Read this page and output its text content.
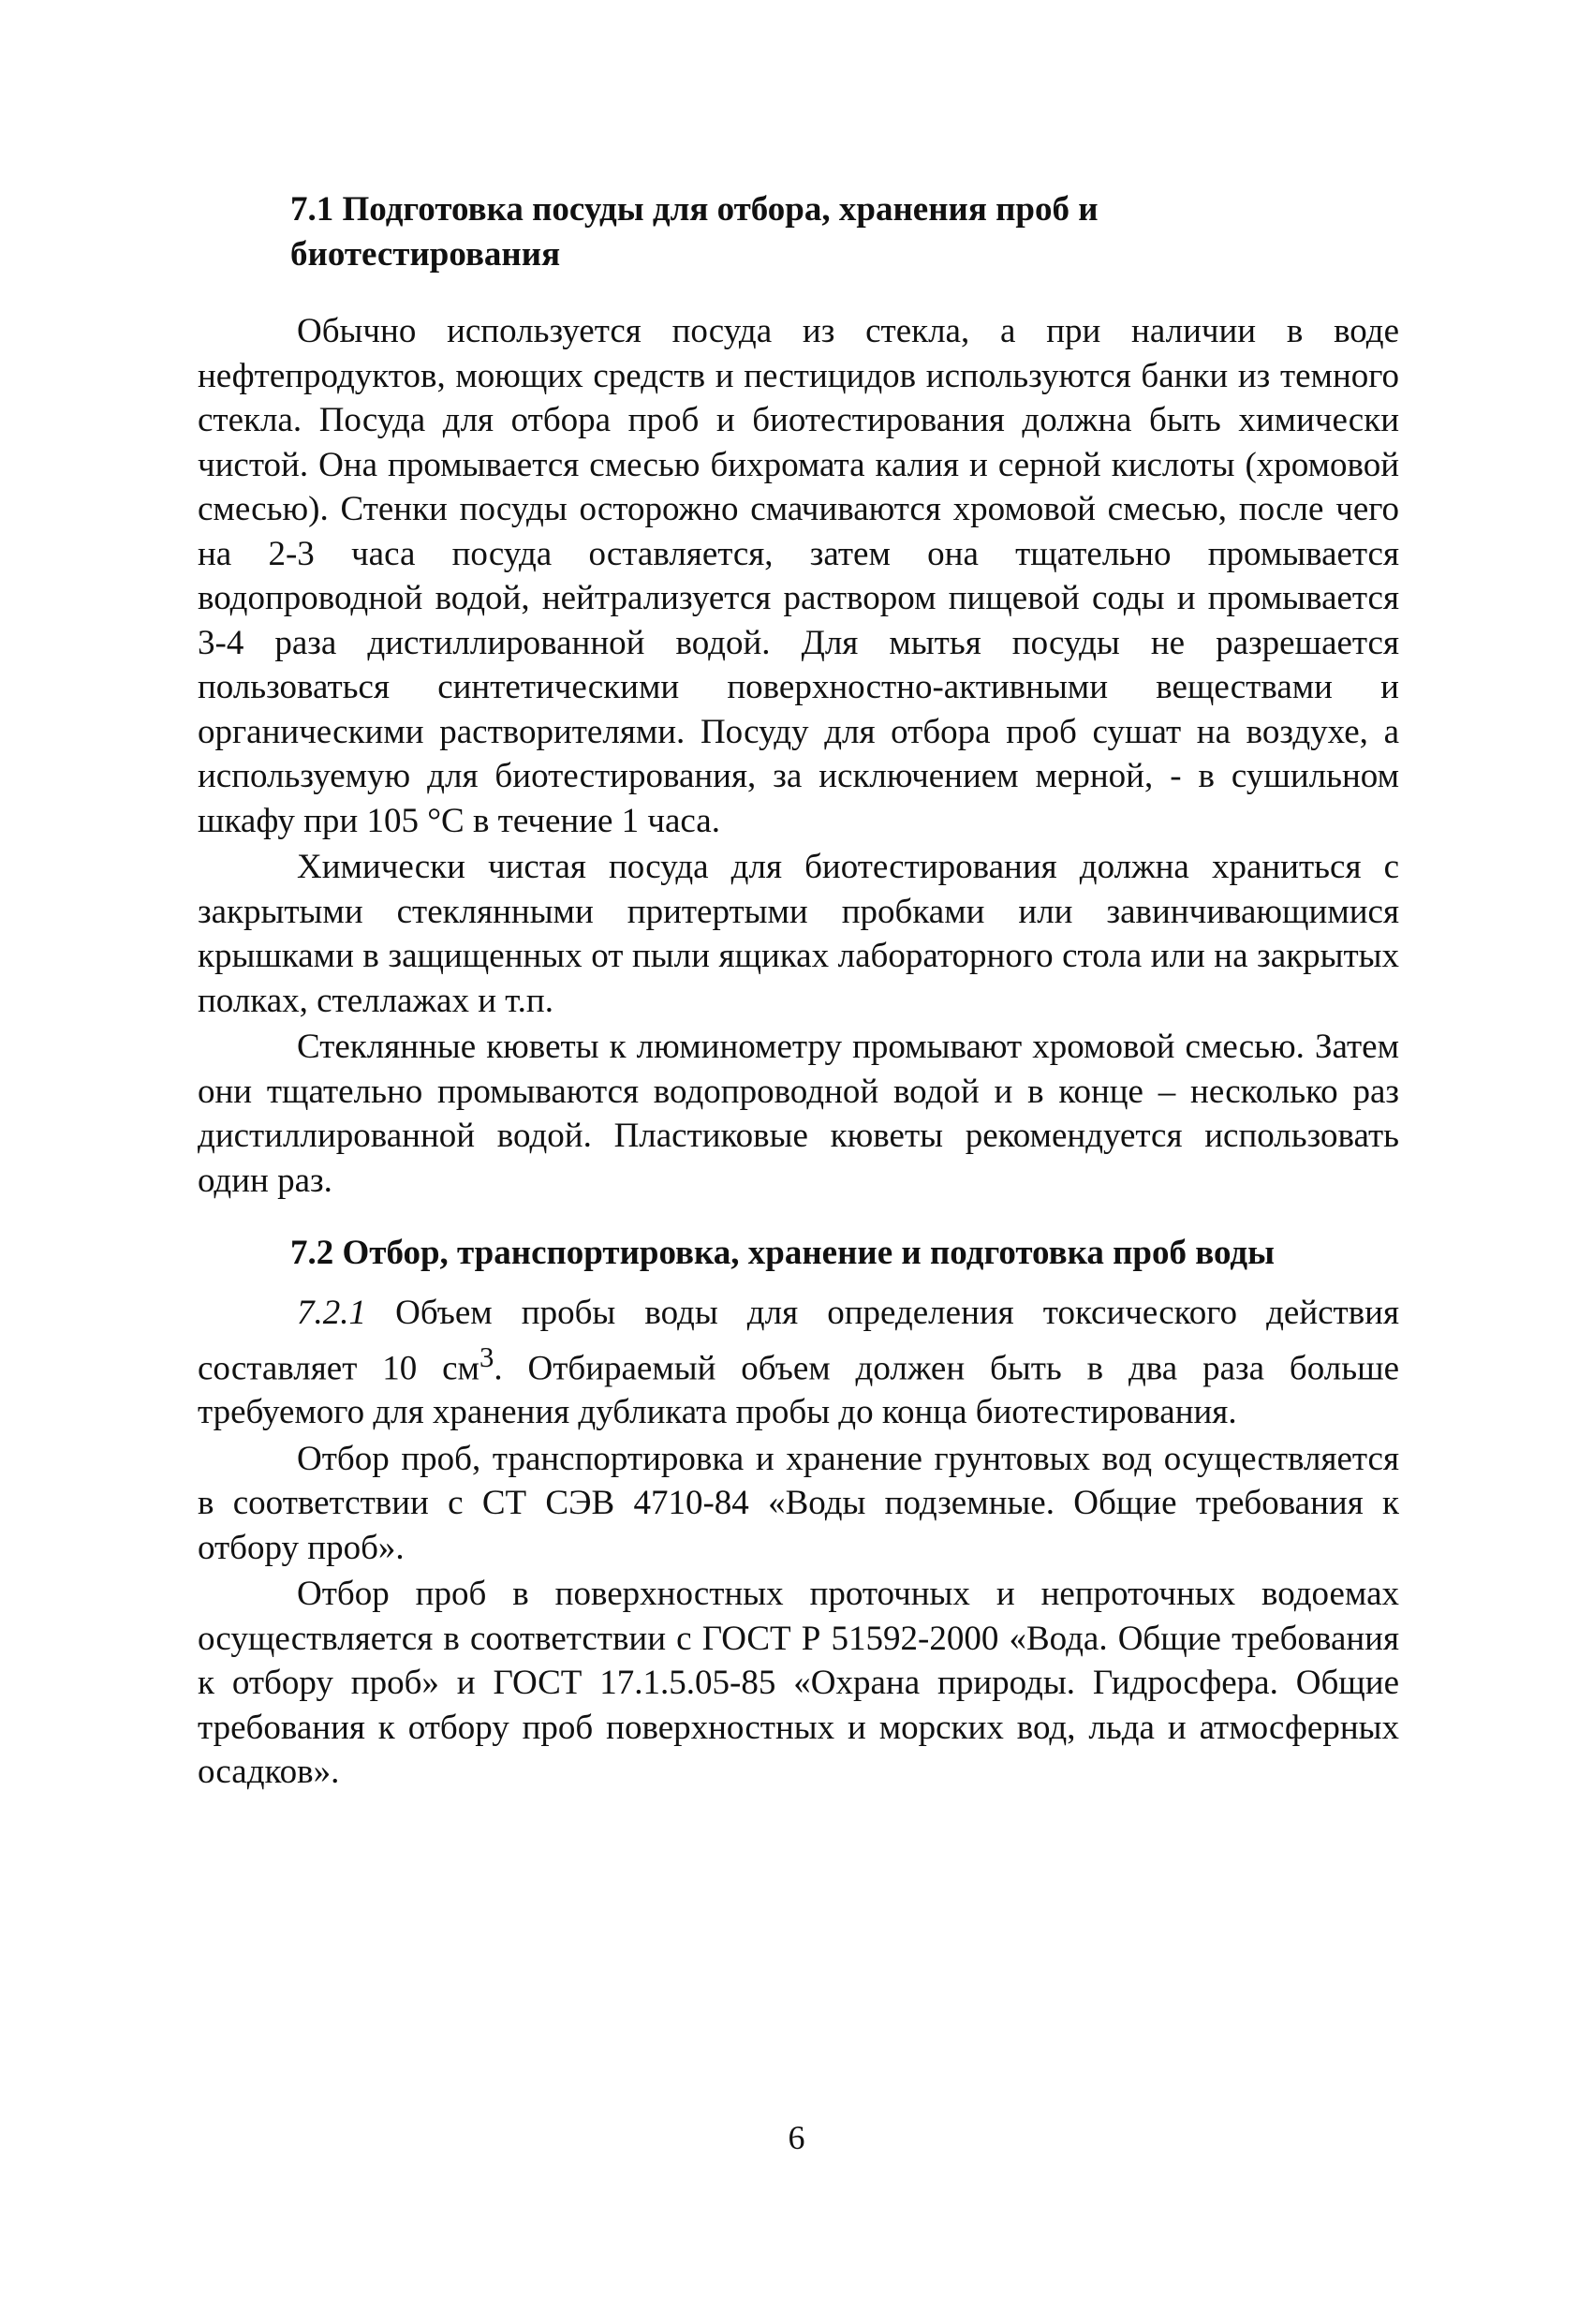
7.1 Подготовка посуды для отбора, хранения проб и биотестирования

Обычно используется посуда из стекла, а при наличии в воде нефтепродуктов, моющих средств и пестицидов используются банки из темного стекла. Посуда для отбора проб и биотестирования должна быть химически чистой. Она промывается смесью бихромата калия и серной кислоты (хромовой смесью). Стенки посуды осторожно смачиваются хромовой смесью, после чего на 2-3 часа посуда оставляется, затем она тщательно промывается водопроводной водой, нейтрализуется раствором пищевой соды и промывается 3-4 раза дистиллированной водой. Для мытья посуды не разрешается пользоваться синтетическими поверхностно-активными веществами и органическими растворителями. Посуду для отбора проб сушат на воздухе, а используемую для биотестирования, за исключением мерной, - в сушильном шкафу при 105 °С в течение 1 часа.

Химически чистая посуда для биотестирования должна храниться с закрытыми стеклянными притертыми пробками или завинчивающимися крышками в защищенных от пыли ящиках лабораторного стола или на закрытых полках, стеллажах и т.п.

Стеклянные кюветы к люминометру промывают хромовой смесью. Затем они тщательно промываются водопроводной водой и в конце – несколько раз дистиллированной водой. Пластиковые кюветы рекомендуется использовать один раз.

7.2 Отбор, транспортировка, хранение и подготовка проб воды

7.2.1 Объем пробы воды для определения токсического действия составляет 10 $см^3$. Отбираемый объем должен быть в два раза больше требуемого для хранения дубликата пробы до конца биотестирования.

Отбор проб, транспортировка и хранение грунтовых вод осуществляется в соответствии с СТ СЭВ 4710-84 «Воды подземные. Общие требования к отбору проб».

Отбор проб в поверхностных проточных и непроточных водоемах осуществляется в соответствии с ГОСТ Р 51592-2000 «Вода. Общие требования к отбору проб» и ГОСТ 17.1.5.05-85 «Охрана природы. Гидросфера. Общие требования к отбору проб поверхностных и морских вод, льда и атмосферных осадков».

6
